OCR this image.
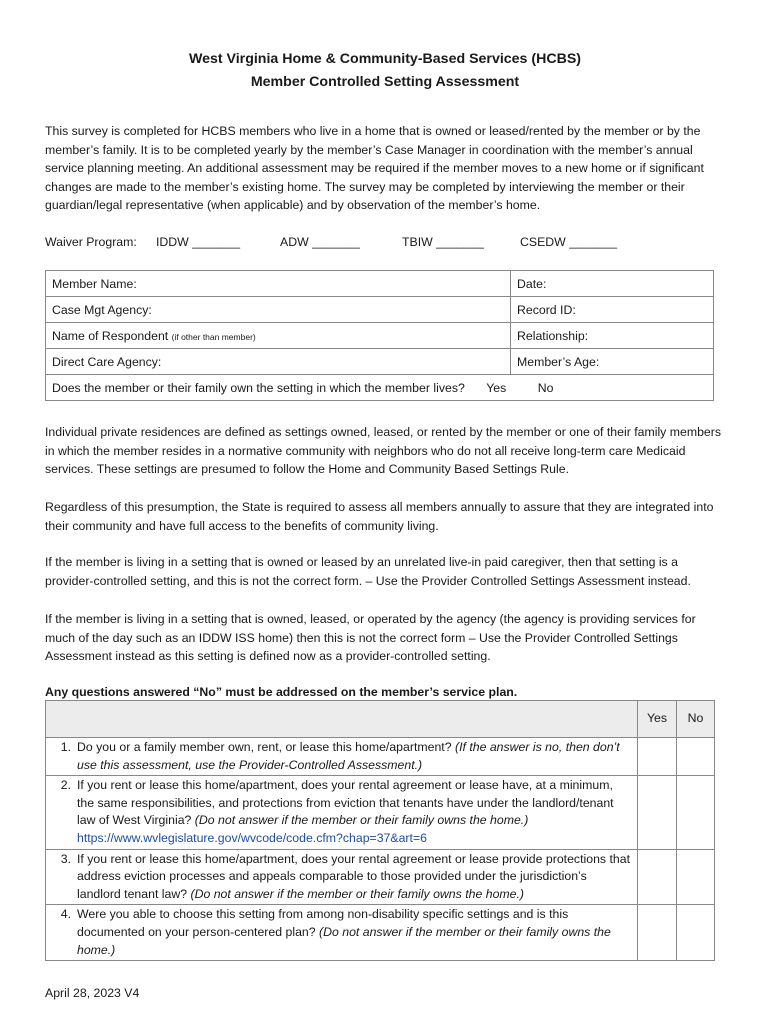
West Virginia Home & Community-Based Services (HCBS)
Member Controlled Setting Assessment
This survey is completed for HCBS members who live in a home that is owned or leased/rented by the member or by the member’s family. It is to be completed yearly by the member’s Case Manager in coordination with the member’s annual service planning meeting. An additional assessment may be required if the member moves to a new home or if significant changes are made to the member’s existing home. The survey may be completed by interviewing the member or their guardian/legal representative (when applicable) and by observation of the member’s home.
Waiver Program: IDDW _______	ADW _______	TBIW _______	CSEDW _______
Member Name:	Date:
Case Mgt Agency:	Record ID:
Name of Respondent (if other than member)	Relationship:
Direct Care Agency:	Member’s Age:
Does the member or their family own the setting in which the member lives? Yes No	
Individual private residences are defined as settings owned, leased, or rented by the member or one of their family members in which the member resides in a normative community with neighbors who do not all receive long-term care Medicaid services. These settings are presumed to follow the Home and Community Based Settings Rule.
Regardless of this presumption, the State is required to assess all members annually to assure that they are integrated into their community and have full access to the benefits of community living.
If the member is living in a setting that is owned or leased by an unrelated live-in paid caregiver, then that setting is a provider-controlled setting, and this is not the correct form. – Use the Provider Controlled Settings Assessment instead.
If the member is living in a setting that is owned, leased, or operated by the agency (the agency is providing services for much of the day such as an IDDW ISS home) then this is not the correct form – Use the Provider Controlled Settings Assessment instead as this setting is defined now as a provider-controlled setting.
Any questions answered “No” must be addressed on the member’s service plan.
	Yes	No

1. Do you or a family member own, rent, or lease this home/apartment? (If the answer is no, then don’t use this assessment, use the Provider-Controlled Assessment.)		

2. If you rent or lease this home/apartment, does your rental agreement or lease have, at a minimum, the same responsibilities, and protections from eviction that tenants have under the landlord/tenant law of West Virginia? (Do not answer if the member or their family owns the home.) https://www.wvlegislature.gov/wvcode/code.cfm?chap=37&art=6		

3. If you rent or lease this home/apartment, does your rental agreement or lease provide protections that address eviction processes and appeals comparable to those provided under the jurisdiction’s landlord tenant law? (Do not answer if the member or their family owns the home.)		

4. Were you able to choose this setting from among non-disability specific settings and is this documented on your person-centered plan? (Do not answer if the member or their family owns the home.)		

April 28, 2023 V4
